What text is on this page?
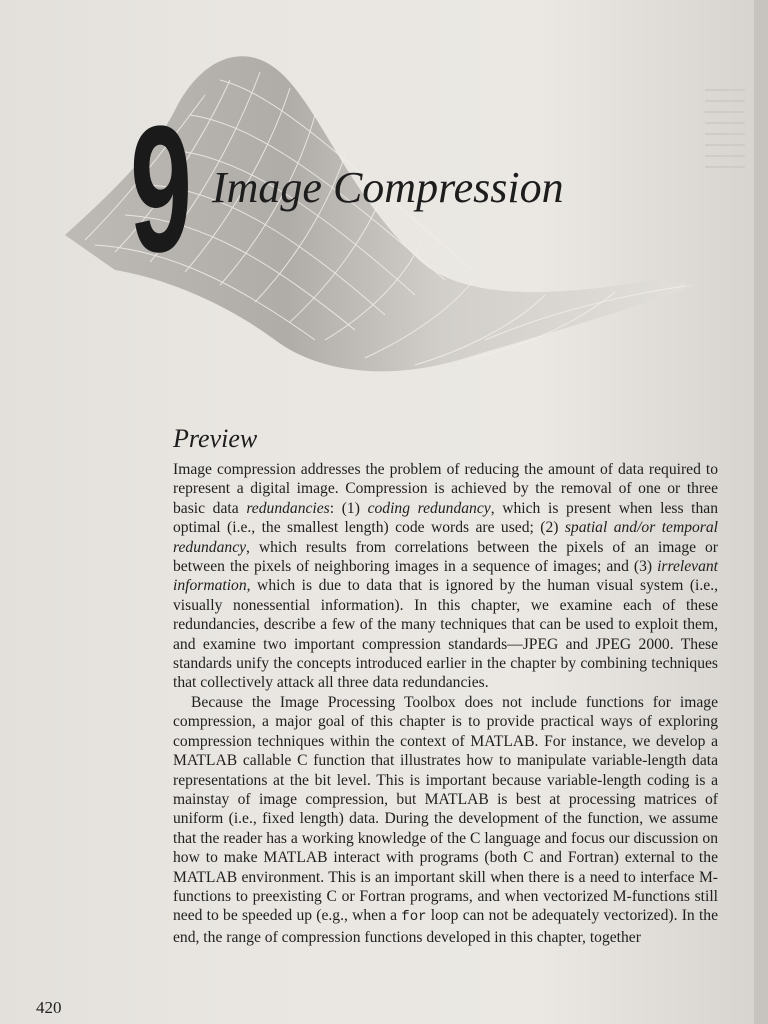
9 Image Compression
Preview

Image compression addresses the problem of reducing the amount of data required to represent a digital image. Compression is achieved by the removal of one or three basic data redundancies: (1) coding redundancy, which is present when less than optimal (i.e., the smallest length) code words are used; (2) spatial and/or temporal redundancy, which results from correlations between the pixels of an image or between the pixels of neighboring images in a sequence of images; and (3) irrelevant information, which is due to data that is ignored by the human visual system (i.e., visually nonessential information). In this chapter, we examine each of these redundancies, describe a few of the many techniques that can be used to exploit them, and examine two important compression standards—JPEG and JPEG 2000. These standards unify the concepts introduced earlier in the chapter by combining techniques that collectively attack all three data redundancies.

Because the Image Processing Toolbox does not include functions for image compression, a major goal of this chapter is to provide practical ways of exploring compression techniques within the context of MATLAB. For instance, we develop a MATLAB callable C function that illustrates how to manipulate variable-length data representations at the bit level. This is important because variable-length coding is a mainstay of image compression, but MATLAB is best at processing matrices of uniform (i.e., fixed length) data. During the development of the function, we assume that the reader has a working knowledge of the C language and focus our discussion on how to make MATLAB interact with programs (both C and Fortran) external to the MATLAB environment. This is an important skill when there is a need to interface M-functions to preexisting C or Fortran programs, and when vectorized M-functions still need to be speeded up (e.g., when a for loop can not be adequately vectorized). In the end, the range of compression functions developed in this chapter, together

420
